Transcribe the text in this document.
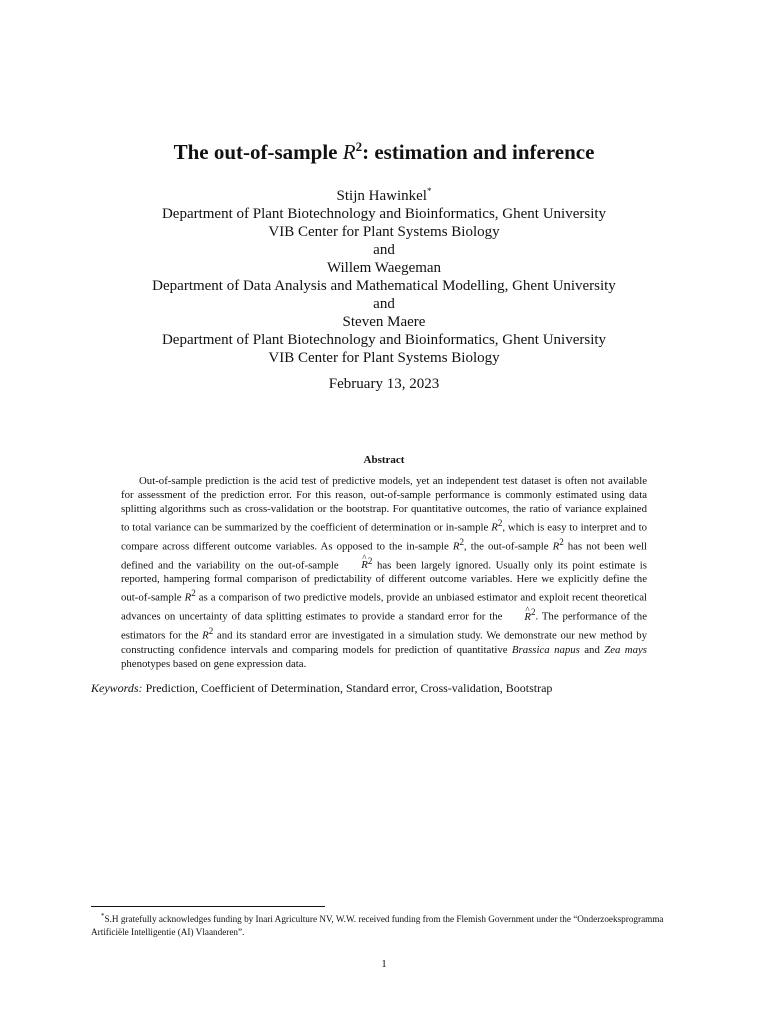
The out-of-sample $R^2$: estimation and inference
Stijn Hawinkel*
Department of Plant Biotechnology and Bioinformatics, Ghent University
VIB Center for Plant Systems Biology
and
Willem Waegeman
Department of Data Analysis and Mathematical Modelling, Ghent University
and
Steven Maere
Department of Plant Biotechnology and Bioinformatics, Ghent University
VIB Center for Plant Systems Biology
February 13, 2023
Abstract

Out-of-sample prediction is the acid test of predictive models, yet an independent test dataset is often not available for assessment of the prediction error. For this reason, out-of-sample performance is commonly estimated using data splitting algorithms such as cross-validation or the bootstrap. For quantitative outcomes, the ratio of variance explained to total variance can be summarized by the coefficient of determination or in-sample $R^2$, which is easy to interpret and to compare across different outcome variables. As opposed to the in-sample $R^2$, the out-of-sample $R^2$ has not been well defined and the variability on the out-of-sample ^ $R^2$ has been largely ignored. Usually only its point estimate is reported, hampering formal comparison of predictability of different outcome variables. Here we explicitly define the out-of-sample $R^2$ as a comparison of two predictive models, provide an unbiased estimator and exploit recent theoretical advances on uncertainty of data splitting estimates to provide a standard error for the ^ $R^2$. The performance of the estimators for the $R^2$ and its standard error are investigated in a simulation study. We demonstrate our new method by constructing confidence intervals and comparing models for prediction of quantitative Brassica napus and Zea mays phenotypes based on gene expression data.

Keywords: Prediction, Coefficient of Determination, Standard error, Cross-validation, Bootstrap

*S.H gratefully acknowledges funding by Inari Agriculture NV, W.W. received funding from the Flemish Government under the “Onderzoeksprogramma Artificiële Intelligentie (AI) Vlaanderen”.

1
